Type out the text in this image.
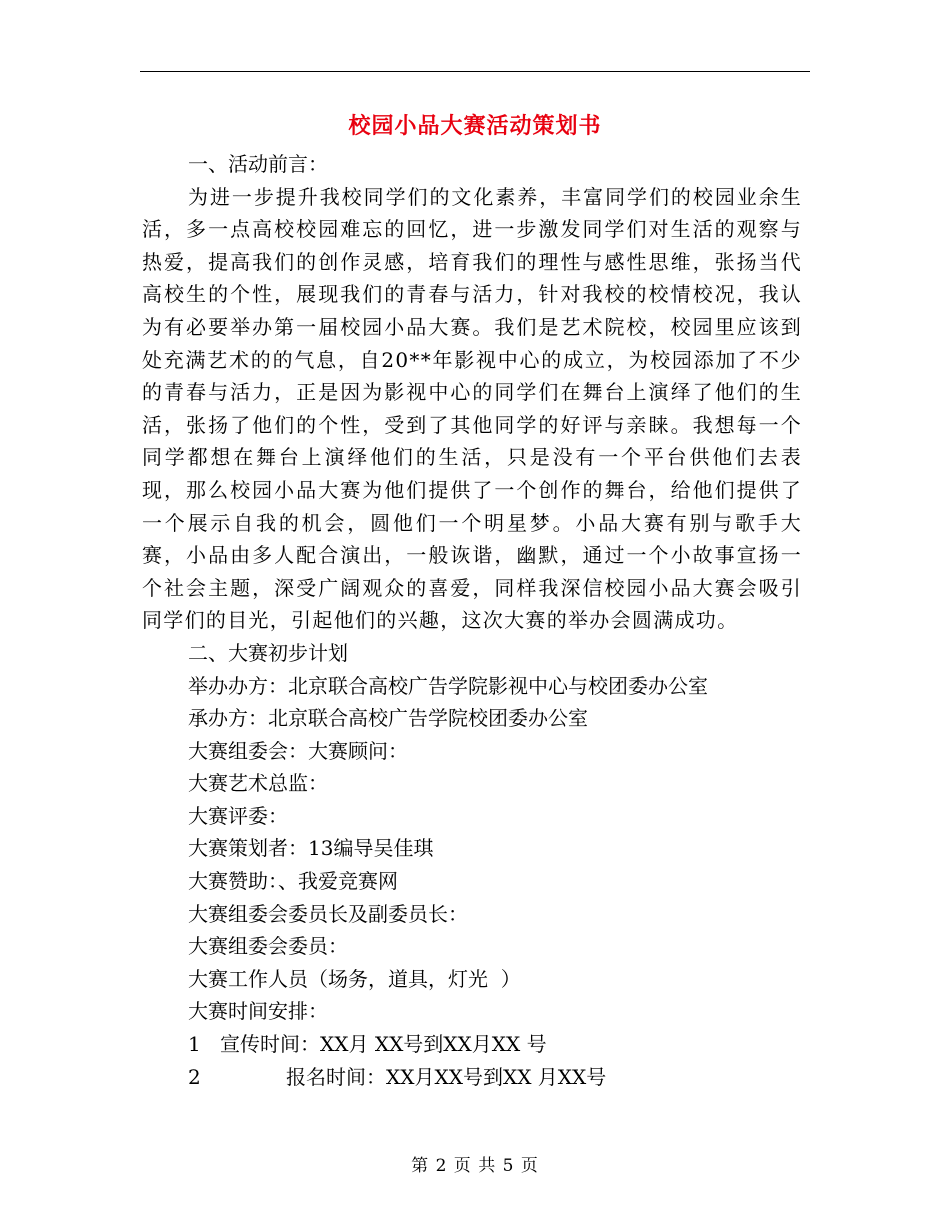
校园小品大赛活动策划书

一、活动前言：

为进一步提升我校同学们的文化素养，丰富同学们的校园业余生活，多一点高校校园难忘的回忆，进一步激发同学们对生活的观察与热爱，提高我们的创作灵感，培育我们的理性与感性思维，张扬当代高校生的个性，展现我们的青春与活力，针对我校的校情校况，我认为有必要举办第一届校园小品大赛。我们是艺术院校，校园里应该到处充满艺术的的气息，自20**年影视中心的成立，为校园添加了不少的青春与活力，正是因为影视中心的同学们在舞台上演绎了他们的生活，张扬了他们的个性，受到了其他同学的好评与亲睐。我想每一个同学都想在舞台上演绎他们的生活，只是没有一个平台供他们去表现，那么校园小品大赛为他们提供了一个创作的舞台，给他们提供了一个展示自我的机会，圆他们一个明星梦。小品大赛有别与歌手大赛，小品由多人配合演出，一般诙谐，幽默，通过一个小故事宣扬一个社会主题，深受广阔观众的喜爱，同样我深信校园小品大赛会吸引同学们的目光，引起他们的兴趣，这次大赛的举办会圆满成功。

二、大赛初步计划

举办办方：北京联合高校广告学院影视中心与校团委办公室

承办方：北京联合高校广告学院校团委办公室

大赛组委会：大赛顾问：

大赛艺术总监：

大赛评委：

大赛策划者：13编导吴佳琪

大赛赞助：、我爱竞赛网

大赛组委会委员长及副委员长：

大赛组委会委员：

大赛工作人员（场务，道具，灯光  ）

大赛时间安排：

1 宣传时间：XX月 XX号到XX月XX 号

2	报名时间：XX月XX号到XX 月XX号

第 2 页 共 5 页
